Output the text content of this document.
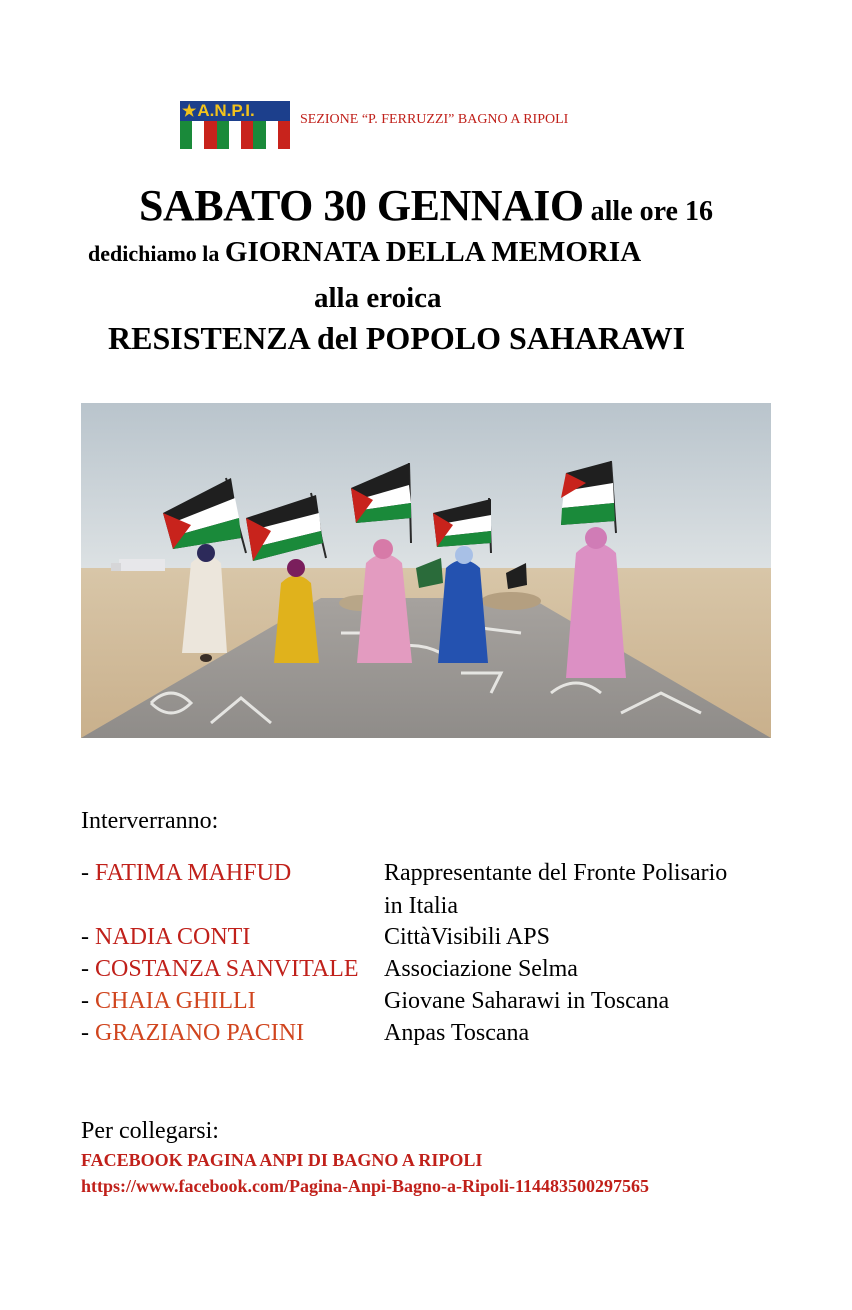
★A.N.P.I.	SEZIONE “P. FERRUZZI” BAGNO A RIPOLI
SABATO 30 GENNAIO alle ore 16
dedichiamo la GIORNATA DELLA MEMORIA
alla eroica
RESISTENZA del POPOLO SAHARAWI
Interverranno:
- FATIMA MAHFUD	Rappresentante del Fronte Polisario
in Italia
- NADIA CONTI	CittàVisibili APS
- COSTANZA SANVITALE Associazione Selma
- CHAIA GHILLI	Giovane Saharawi in Toscana
- GRAZIANO PACINI	Anpas Toscana
Per collegarsi:
FACEBOOK PAGINA ANPI DI BAGNO A RIPOLI
https://www.facebook.com/Pagina-Anpi-Bagno-a-Ripoli-114483500297565
